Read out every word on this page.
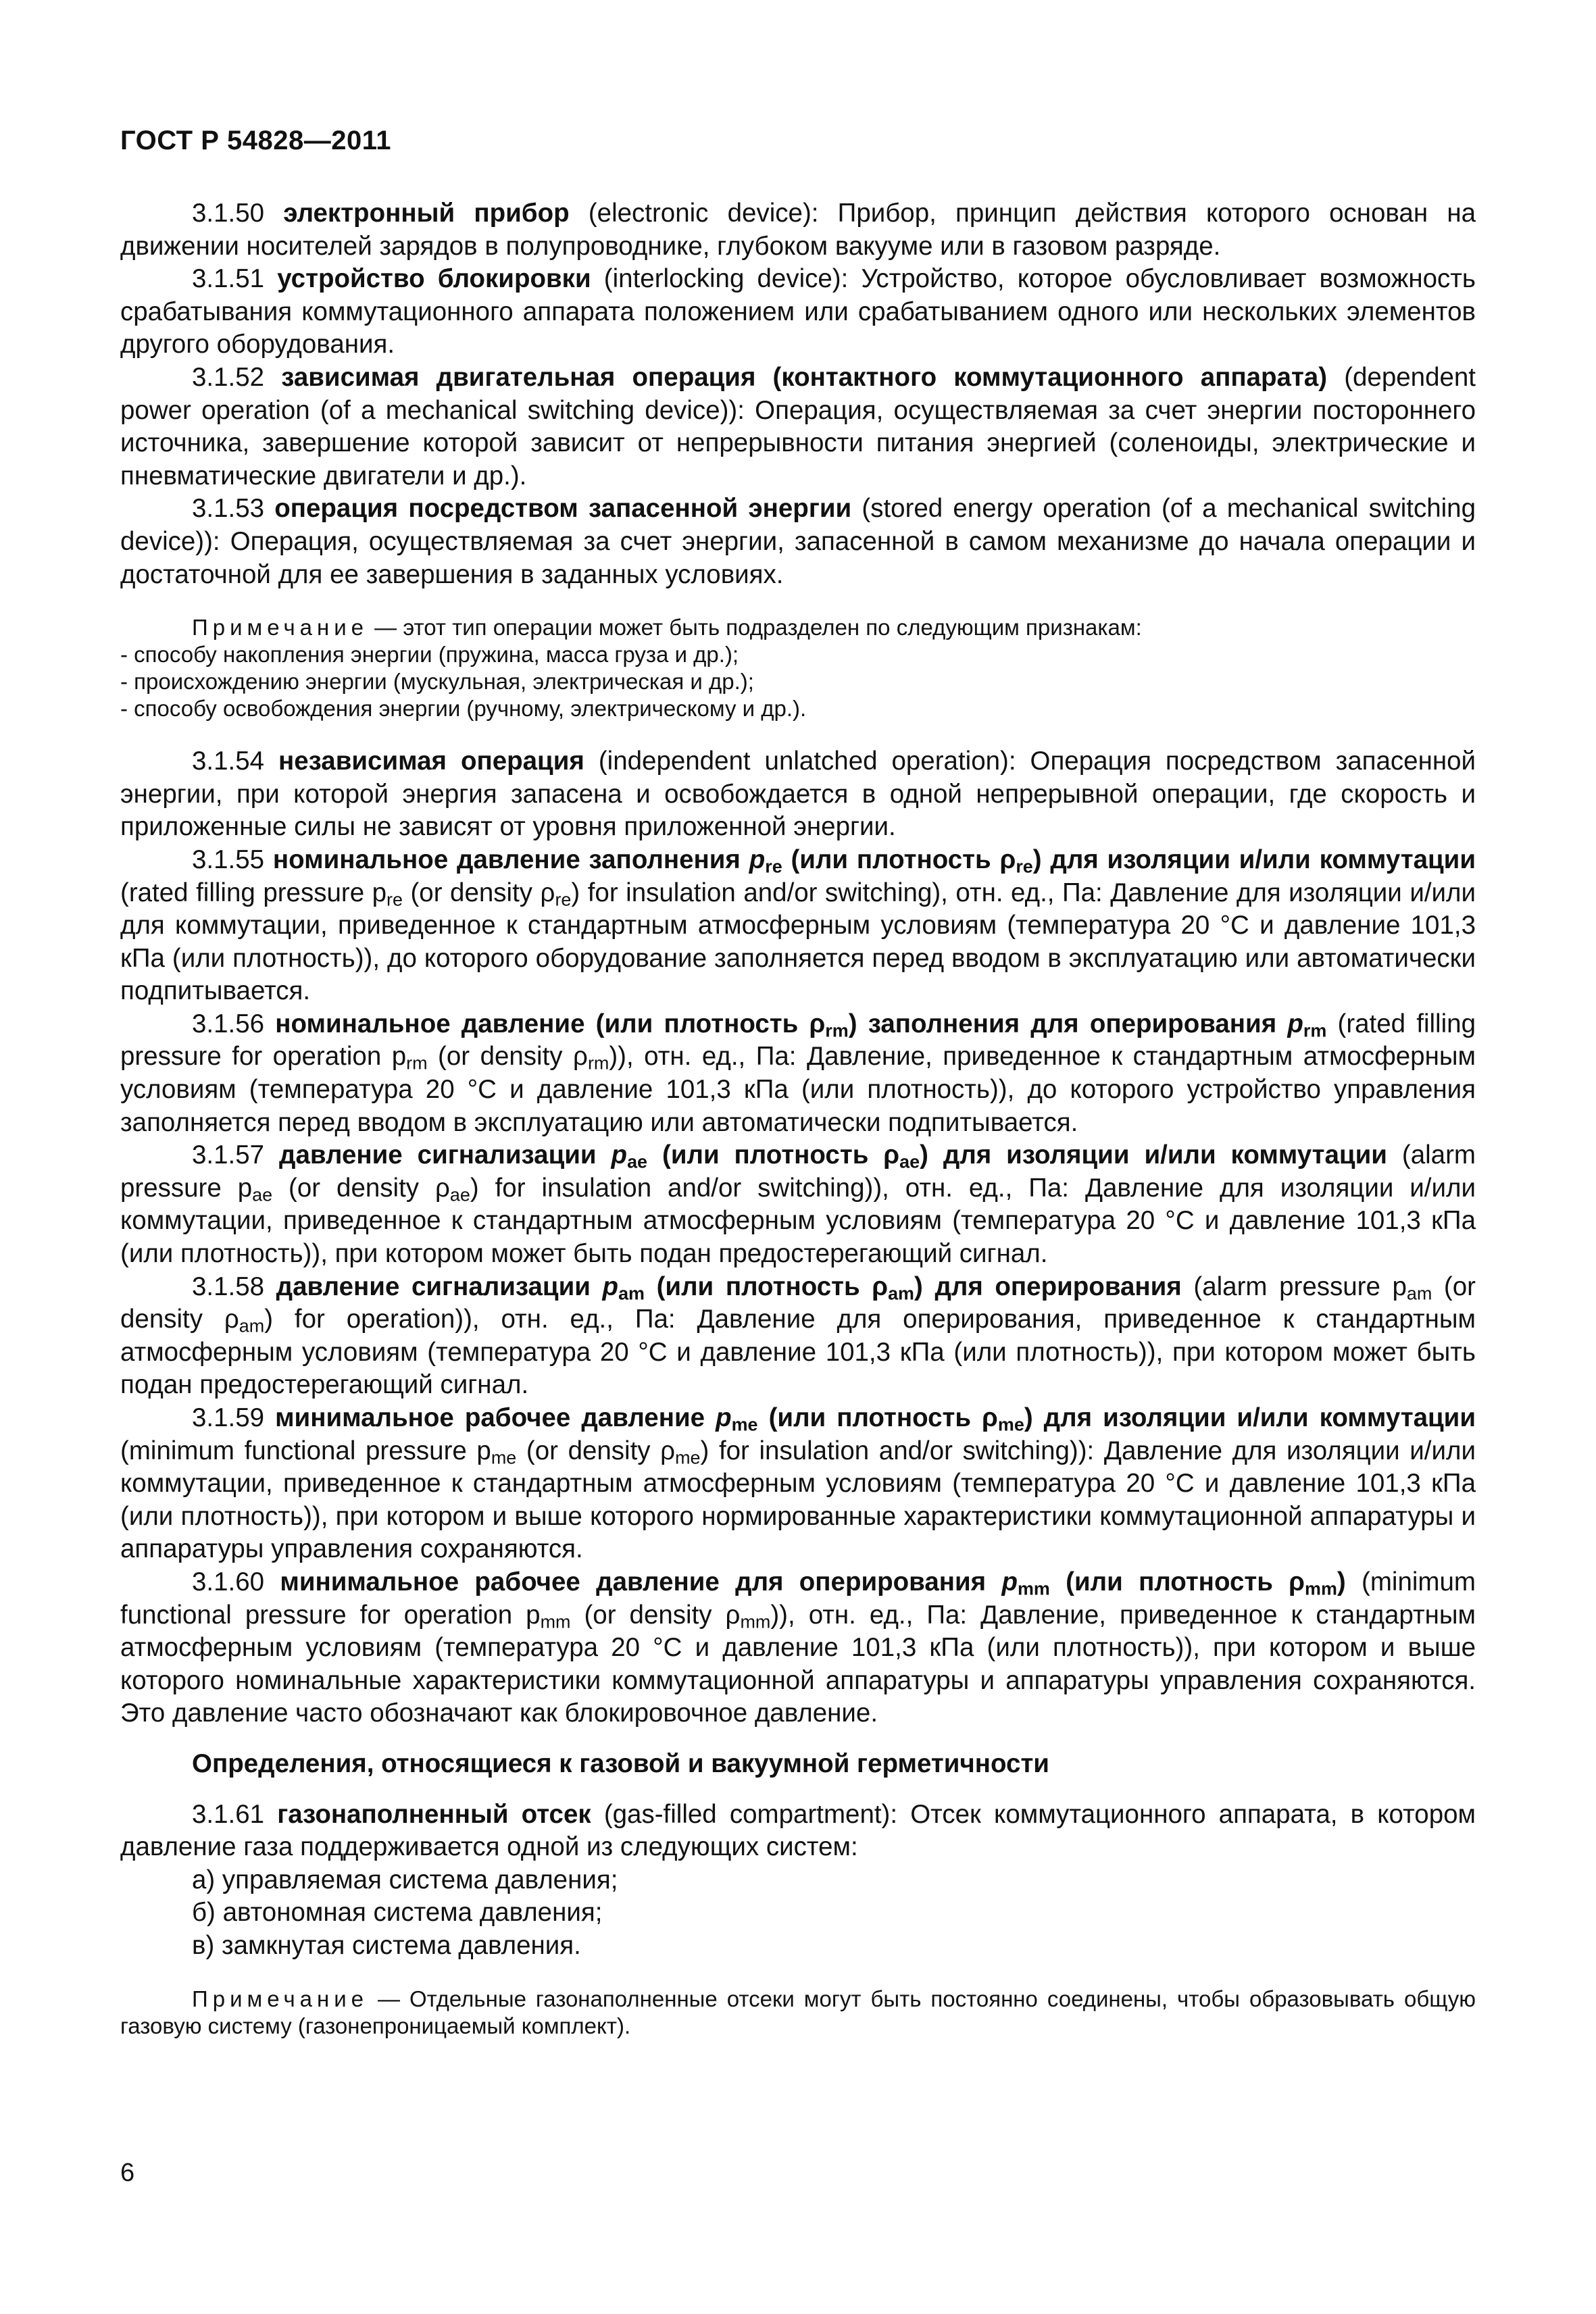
ГОСТ Р 54828—2011

3.1.50 электронный прибор (electronic device): Прибор, принцип действия которого основан на движении носителей зарядов в полупроводнике, глубоком вакууме или в газовом разряде.

3.1.51 устройство блокировки (interlocking device): Устройство, которое обусловливает возможность срабатывания коммутационного аппарата положением или срабатыванием одного или нескольких элементов другого оборудования.

3.1.52 зависимая двигательная операция (контактного коммутационного аппарата) (dependent power operation (of a mechanical switching device)): Операция, осуществляемая за счет энергии постороннего источника, завершение которой зависит от непрерывности питания энергией (соленоиды, электрические и пневматические двигатели и др.).

3.1.53 операция посредством запасенной энергии (stored energy operation (of a mechanical switching device)): Операция, осуществляемая за счет энергии, запасенной в самом механизме до начала операции и достаточной для ее завершения в заданных условиях.

Примечание — этот тип операции может быть подразделен по следующим признакам:

- способу накопления энергии (пружина, масса груза и др.);

- происхождению энергии (мускульная, электрическая и др.);

- способу освобождения энергии (ручному, электрическому и др.).

3.1.54 независимая операция (independent unlatched operation): Операция посредством запасенной энергии, при которой энергия запасена и освобождается в одной непрерывной операции, где скорость и приложенные силы не зависят от уровня приложенной энергии.

3.1.55 номинальное давление заполнения $p_{re}$ (или плотность $\rho_{re}$) для изоляции и/или коммутации (rated filling pressure $p_{re}$ (or density $\rho_{re}$) for insulation and/or switching), отн. ед., Па: Давление для изоляции и/или для коммутации, приведенное к стандартным атмосферным условиям (температура 20 °С и давление 101,3 кПа (или плотность)), до которого оборудование заполняется перед вводом в эксплуатацию или автоматически подпитывается.

3.1.56 номинальное давление (или плотность $\rho_{rm}$) заполнения для оперирования $p_{rm}$ (rated filling pressure for operation $p_{rm}$ (or density $\rho_{rm}$)), отн. ед., Па: Давление, приведенное к стандартным атмосферным условиям (температура 20 °С и давление 101,3 кПа (или плотность)), до которого устройство управления заполняется перед вводом в эксплуатацию или автоматически подпитывается.

3.1.57 давление сигнализации $p_{ae}$ (или плотность $\rho_{ae}$) для изоляции и/или коммутации (alarm pressure $p_{ae}$ (or density $\rho_{ae}$) for insulation and/or switching)), отн. ед., Па: Давление для изоляции и/или коммутации, приведенное к стандартным атмосферным условиям (температура 20 °С и давление 101,3 кПа (или плотность)), при котором может быть подан предостерегающий сигнал.

3.1.58 давление сигнализации $p_{am}$ (или плотность $\rho_{am}$) для оперирования (alarm pressure $p_{am}$ (or density $\rho_{am}$) for operation)), отн. ед., Па: Давление для оперирования, приведенное к стандартным атмосферным условиям (температура 20 °С и давление 101,3 кПа (или плотность)), при котором может быть подан предостерегающий сигнал.

3.1.59 минимальное рабочее давление $p_{me}$ (или плотность $\rho_{me}$) для изоляции и/или коммутации (minimum functional pressure $p_{me}$ (or density $\rho_{me}$) for insulation and/or switching)): Давление для изоляции и/или коммутации, приведенное к стандартным атмосферным условиям (температура 20 °С и давление 101,3 кПа (или плотность)), при котором и выше которого нормированные характеристики коммутационной аппаратуры и аппаратуры управления сохраняются.

3.1.60 минимальное рабочее давление для оперирования $p_{mm}$ (или плотность $\rho_{mm}$) (minimum functional pressure for operation $p_{mm}$ (or density $\rho_{mm}$)), отн. ед., Па: Давление, приведенное к стандартным атмосферным условиям (температура 20 °С и давление 101,3 кПа (или плотность)), при котором и выше которого номинальные характеристики коммутационной аппаратуры и аппаратуры управления сохраняются. Это давление часто обозначают как блокировочное давление.

Определения, относящиеся к газовой и вакуумной герметичности

3.1.61 газонаполненный отсек (gas-filled compartment): Отсек коммутационного аппарата, в котором давление газа поддерживается одной из следующих систем:

а) управляемая система давления;

б) автономная система давления;

в) замкнутая система давления.

Примечание — Отдельные газонаполненные отсеки могут быть постоянно соединены, чтобы образовывать общую газовую систему (газонепроницаемый комплект).

6
